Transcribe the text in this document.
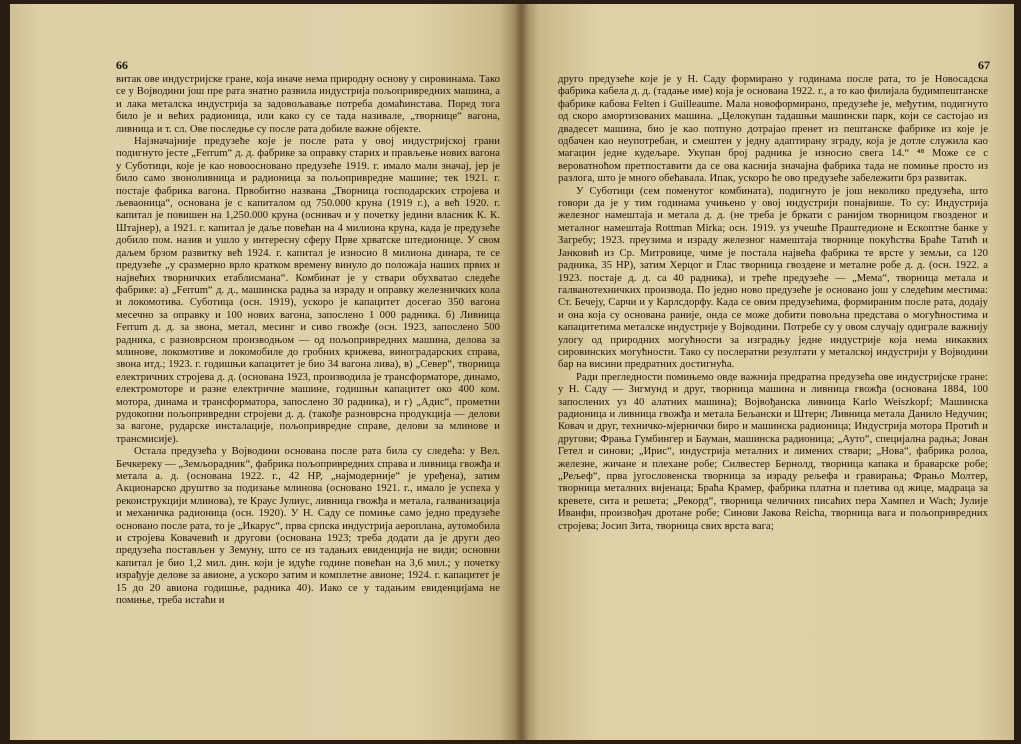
66

витак ове индустријске гране, која иначе нема природну основу у сировинама. Тако се у Војводини још пре рата знатно развила индустрија пољопривредних машина, а и лака металска индустрија за задовољавање потреба домаћинстава. Поред тога било је и већих радионица, или како су се тада називале, „творнице“ вагона, ливница и т. сл. Ове последње су после рата добиле важне објекте.

Најзначајније предузеће које је после рата у овој индустријској грани подигнуто јесте „Ferrum“ д. д. фабрике за оправку старих и прављење нових вагона у Суботици, које је као новоосновано предузеће 1919. г. имало мали значај, јер је било само звоноливница и радионица за пољопривредне машине; тек 1921. г. постаје фабрика вагона. Првобитно названа „Творница господарских стројева и љеваоница“, основана је с капиталом од 750.000 круна (1919 г.), а већ 1920. г. капитал је повишен на 1,250.000 круна (оснивач и у почетку једини власник К. К. Штајнер), а 1921. г. капитал је даље повећан на 4 милиона круна, када је предузеће добило пом. назив и ушло у интересну сферу Прве хрватске штедионице. У свом даљем брзом развитку већ 1924. г. капитал је износио 8 милиона динара, те се предузеће „у сразмерно врло кратком времену винуло до положаја наших првих и највећих творничких етаблисмана“. Комбинат је у ствари обухватао следеће фабрике: а) „Ferrum“ д. д., машинска радња за израду и оправку железничких кола и локомотива. Суботица (осн. 1919), ускоро је капацитет досегао 350 вагона месечно за оправку и 100 нових вагона, запослено 1 000 радника. б) Ливница Ferrum д. д. за звона, метал, месинг и сиво гвожђе (осн. 1923, запослено 500 радника, с разноврсном производњом — од пољопривредних машина, делова за млинове, локомотиве и локомобиле до гробних крижева, виноградарских справа, звона итд.; 1923. г. годишњи капацитет је био 34 вагона ливa), в) „Север“, творница електричних стројева д. д. (основана 1923, производила је трансформаторе, динамо, електромоторе и разне електричне машине, годишњи капацитет око 400 ком. мотора, динама и трансформатора, запослено 30 радника), и г) „Адис“, прометни рудокопни пољопривредни стројеви д. д. (такође разноврсна продукција — делови за вагоне, рударске инсталације, пољопривредне справе, делови за млинове и трансмисије).

Остала предузећа у Војводини основана после рата била су следећа: у Вел. Бечкереку — „Земљорадник“, фабрика пољопривредних справа и ливница гвожђа и метала а. д. (основана 1922. г., 42 HP, „најмодерније“ је уређена), затим Акционарско друштво за подизање млинова (основано 1921. г., имало је успеха у реконструкцији млинова), те Краус Јулиус, ливница гвожђа и метала, галванизација и механичка радионица (осн. 1920). У Н. Саду се помиње само једно предузеће основано после рата, то је „Икарус“, прва српска индустрија аероплана, аутомобила и стројева Ковачевић и другови (основана 1923; треба додати да је други део предузећа постављен у Земуну, што се из тадањих евиденција не види; основни капитал је био 1,2 мил. дин. који је идуће године повећан на 3,6 мил.; у почетку израђује делове за авионе, а ускоро затим и комплетне авионе; 1924. г. капацитет је 15 до 20 авиона годишње, радника 40). Иако се у тадањим евиденцијама не помиње, треба истаћи и

67

друго предузеће које је у Н. Саду формирано у годинама после рата, то је Новосадска фабрика кабела д. д. (тадање име) која је основана 1922. г., а то као филијала будимпештанске фабрике кабова Felten i Guilleaume. Мала новоформирано, предузеће је, међутим, подигнуто од скоро амортизованих машина. „Целокупан тадашњи машински парк, који се састојао из двадесет машина, био је као потпуно дотрајао пренет из пештанске фабрике из које је одбачен као неупотребан, и смештен у једну адаптирану зграду, која је дотле служила као магацин једне кудељаре. Укупан број радника је износио свега 14.“ ⁴⁸ Може се с вероватноћом претпоставити да се ова каснија значајна фабрика тада не помиње просто из разлога, што је много обећавала. Ипак, ускоро ће ово предузеће забележити брз развитак.

У Суботици (сем поменутог комбината), подигнуто је још неколико предузећа, што говори да је у тим годинама учињено у овој индустрији понајвише. То су: Индустрија железног намештаја и метала д. д. (не треба је бркати с ранијом творницом гвозденог и металног намештаја Rottman Mirka; осн. 1919. уз учешће Праштедионе и Ескоптне банке у Загребу; 1923. преузима и израду железног намештаја творнице покућства Браће Татић и Јанковић из Ср. Митровице, чиме је постала највећа фабрика те врсте у земљи, са 120 радника, 35 HP), затим Херцог и Глас творница гвоздене и металне робе д. д. (осн. 1922. а 1923. постаје д. д. са 40 радника), и треће предузеће — „Мема“, творница метала и галванотехничких производа. По једно ново предузеће је основано још у следећим местима: Ст. Бечеју, Сарчи и у Карлсдорфу. Када се овим предузећима, формираним после рата, додају и она која су основана раније, онда се може добити повољна представа о могућностима и капацитетима металске индустрије у Војводини. Потребе су у овом случају одиграле важнију улогу од природних могућности за изградњу једне индустрије која нема никаквих сировинских могућности. Тако су послератни резултати у металској индустрији у Војводини бар на висини предратних достигнућа.

Ради прегледности помињемо овде важнија предратна предузећа ове индустријске гране: у Н. Саду — Зигмунд и друг, творница машина и ливница гвожђа (основана 1884, 100 запослених уз 40 алатних машина); Војвођанска ливница Karlo Weiszkopf; Машинска радионица и ливница гвожђа и метала Бељански и Штерн; Ливница метала Данило Недучин; Ковач и друг, техничко-мјернички биро и машинска радионица; Индустрија мотора Протић и другови; Фрања Гумбингер и Бауман, машинска радионица; „Ауто“, специјална радња; Јован Гетел и синови; „Ирис“, индустрија металних и лимених ствари; „Нова“, фабрика ролоа, железне, жичане и плехане робе; Силвестер Бернолд, творница капака и браварске робе; „Рељеф“, прва југословенска творница за израду рељефа и гравирања; Фрањо Молтер, творница металних вијенаца; Браћа Крамер, фабрика платна и плетива од жице, мадраца за кревете, сита и решета; „Рекорд“, творница челичних писаћих пера Хампел и Wach; Јулије Иванфи, произвођач дротане робе; Синови Јакова Reicha, творница вага и пољопривредних стројева; Јосип Зита, творница свих врста вага;
